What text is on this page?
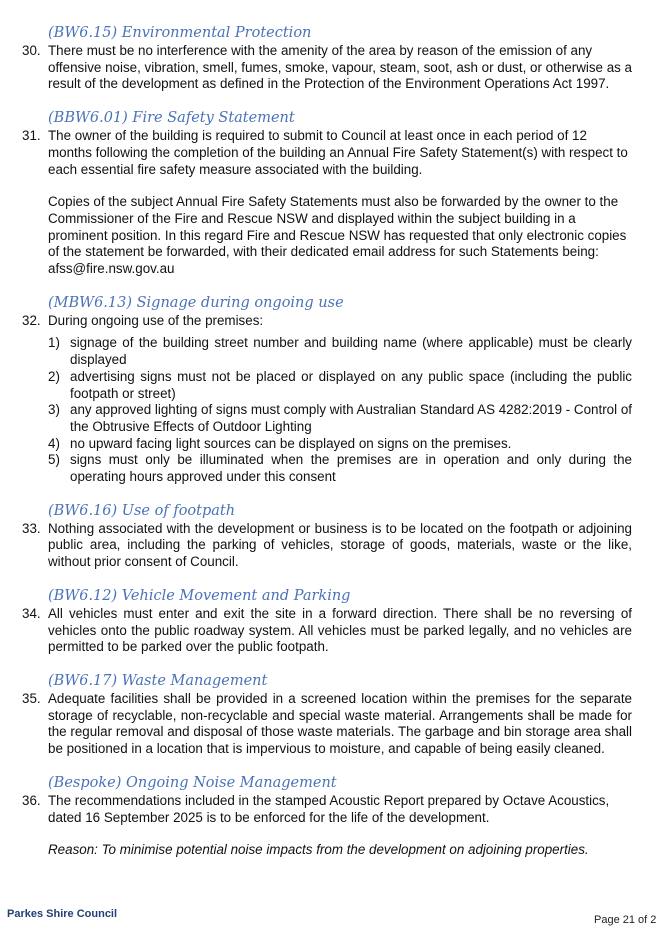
(BW6.15) Environmental Protection
30. There must be no interference with the amenity of the area by reason of the emission of any offensive noise, vibration, smell, fumes, smoke, vapour, steam, soot, ash or dust, or otherwise as a result of the development as defined in the Protection of the Environment Operations Act 1997.
(BBW6.01) Fire Safety Statement
31. The owner of the building is required to submit to Council at least once in each period of 12 months following the completion of the building an Annual Fire Safety Statement(s) with respect to each essential fire safety measure associated with the building.
Copies of the subject Annual Fire Safety Statements must also be forwarded by the owner to the Commissioner of the Fire and Rescue NSW and displayed within the subject building in a prominent position. In this regard Fire and Rescue NSW has requested that only electronic copies of the statement be forwarded, with their dedicated email address for such Statements being: afss@fire.nsw.gov.au
(MBW6.13) Signage during ongoing use
32. During ongoing use of the premises:
1) signage of the building street number and building name (where applicable) must be clearly displayed
2) advertising signs must not be placed or displayed on any public space (including the public footpath or street)
3) any approved lighting of signs must comply with Australian Standard AS 4282:2019 - Control of the Obtrusive Effects of Outdoor Lighting
4) no upward facing light sources can be displayed on signs on the premises.
5) signs must only be illuminated when the premises are in operation and only during the operating hours approved under this consent
(BW6.16) Use of footpath
33. Nothing associated with the development or business is to be located on the footpath or adjoining public area, including the parking of vehicles, storage of goods, materials, waste or the like, without prior consent of Council.
(BW6.12) Vehicle Movement and Parking
34. All vehicles must enter and exit the site in a forward direction. There shall be no reversing of vehicles onto the public roadway system. All vehicles must be parked legally, and no vehicles are permitted to be parked over the public footpath.
(BW6.17) Waste Management
35. Adequate facilities shall be provided in a screened location within the premises for the separate storage of recyclable, non-recyclable and special waste material. Arrangements shall be made for the regular removal and disposal of those waste materials. The garbage and bin storage area shall be positioned in a location that is impervious to moisture, and capable of being easily cleaned.
(Bespoke) Ongoing Noise Management
36. The recommendations included in the stamped Acoustic Report prepared by Octave Acoustics, dated 16 September 2025 is to be enforced for the life of the development.
Reason: To minimise potential noise impacts from the development on adjoining properties.
Parkes Shire Council	Page 21 of 2
